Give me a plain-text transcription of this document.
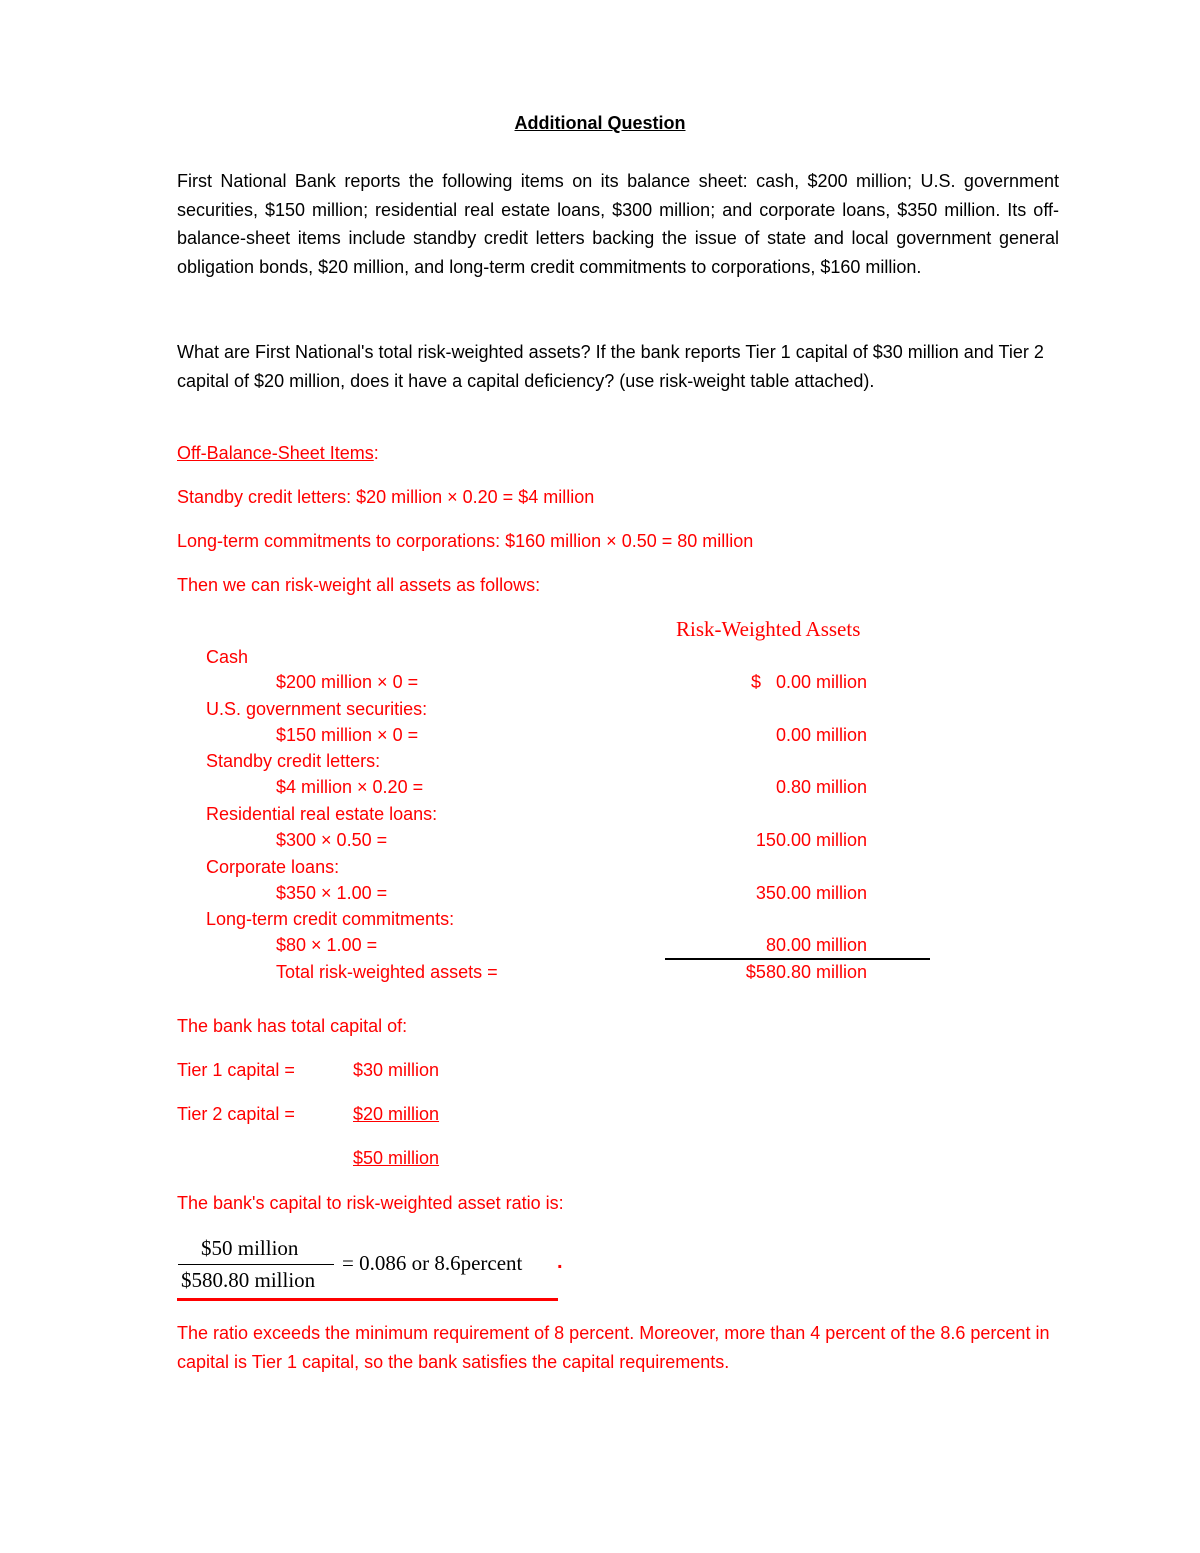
Additional Question
First National Bank reports the following items on its balance sheet: cash, $200 million; U.S. government securities, $150 million; residential real estate loans, $300 million; and corporate loans, $350 million. Its off-balance-sheet items include standby credit letters backing the issue of state and local government general obligation bonds, $20 million, and long-term credit commitments to corporations, $160 million.
What are First National's total risk-weighted assets? If the bank reports Tier 1 capital of $30 million and Tier 2 capital of $20 million, does it have a capital deficiency? (use risk-weight table attached).
Off-Balance-Sheet Items:
Standby credit letters: $20 million × 0.20 = $4 million
Long-term commitments to corporations: $160 million × 0.50 = 80 million
Then we can risk-weight all assets as follows:
Risk-Weighted Assets
Cash
$200 million × 0 =	$   0.00 million
U.S. government securities:
$150 million × 0 =	0.00 million
Standby credit letters:
$4 million × 0.20 =	0.80 million
Residential real estate loans:
$300 × 0.50 =	150.00 million
Corporate loans:
$350 × 1.00 =	350.00 million
Long-term credit commitments:
$80 × 1.00 =	80.00 million
Total risk-weighted assets =	$580.80 million
The bank has total capital of:
Tier 1 capital =	$30 million
Tier 2 capital =	$20 million
$50 million
The bank's capital to risk-weighted asset ratio is:
$50 million
$580.80 million
= 0.086 or 8.6percent .
The ratio exceeds the minimum requirement of 8 percent. Moreover, more than 4 percent of the 8.6 percent in capital is Tier 1 capital, so the bank satisfies the capital requirements.
